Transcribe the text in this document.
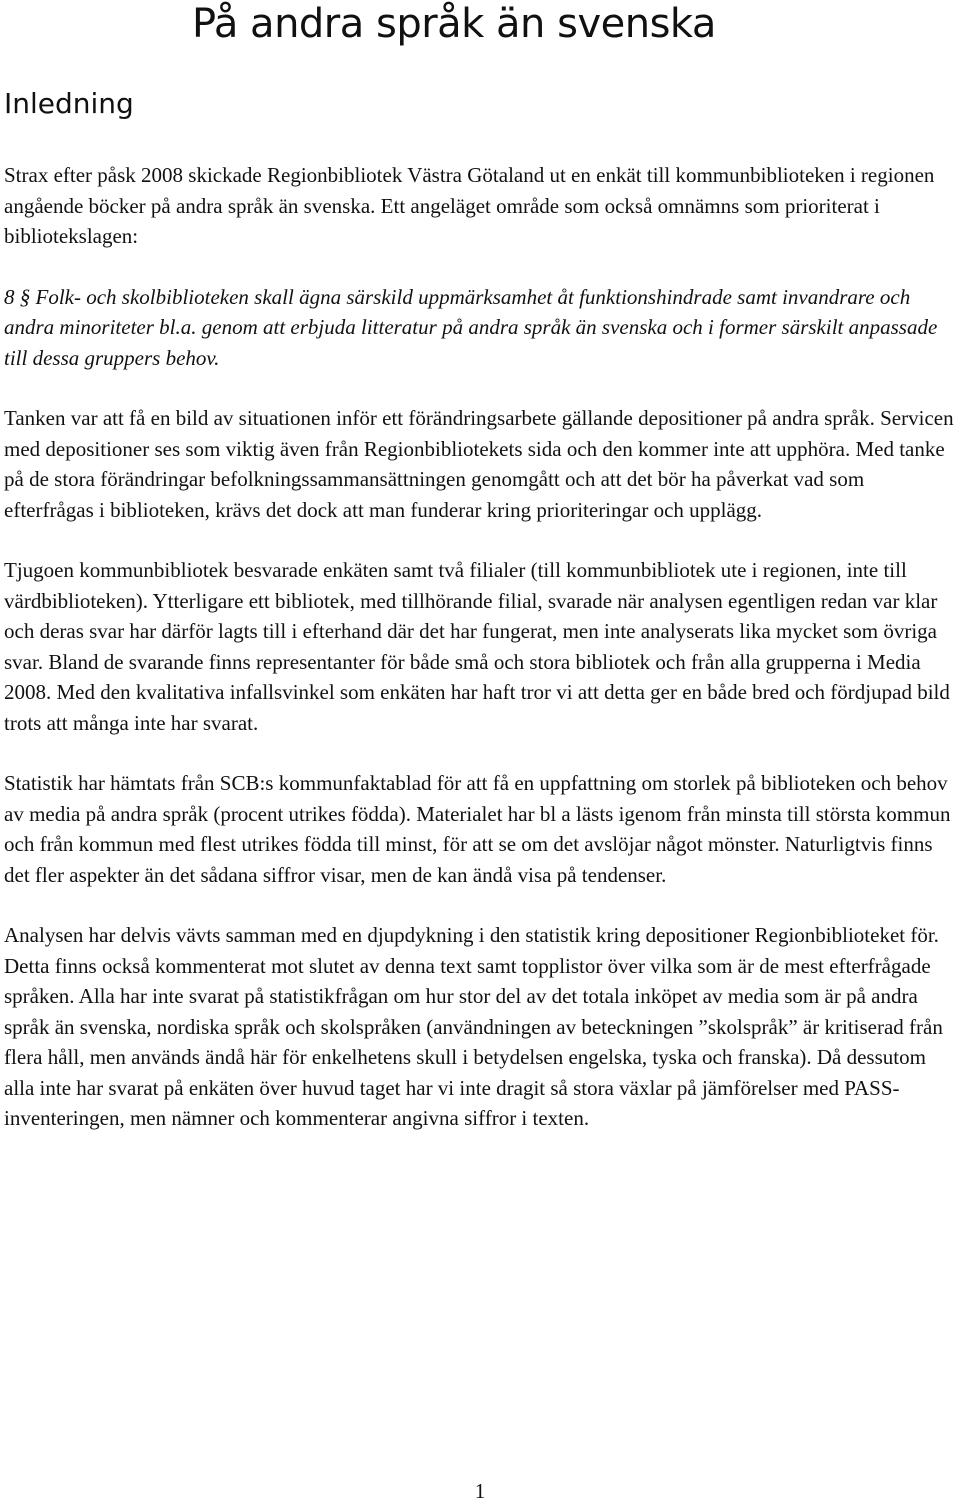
På andra språk än svenska
Inledning

Strax efter påsk 2008 skickade Regionbibliotek Västra Götaland ut en enkät till kommunbiblioteken i regionen angående böcker på andra språk än svenska. Ett angeläget område som också omnämns som prioriterat i bibliotekslagen:

8 § Folk- och skolbiblioteken skall ägna särskild uppmärksamhet åt funktionshindrade samt invandrare och andra minoriteter bl.a. genom att erbjuda litteratur på andra språk än svenska och i former särskilt anpassade till dessa gruppers behov.

Tanken var att få en bild av situationen inför ett förändringsarbete gällande depositioner på andra språk. Servicen med depositioner ses som viktig även från Regionbibliotekets sida och den kommer inte att upphöra. Med tanke på de stora förändringar befolkningssammansättningen genomgått och att det bör ha påverkat vad som efterfrågas i biblioteken, krävs det dock att man funderar kring prioriteringar och upplägg.

Tjugoen kommunbibliotek besvarade enkäten samt två filialer (till kommunbibliotek ute i regionen, inte till värdbiblioteken). Ytterligare ett bibliotek, med tillhörande filial, svarade när analysen egentligen redan var klar och deras svar har därför lagts till i efterhand där det har fungerat, men inte analyserats lika mycket som övriga svar. Bland de svarande finns representanter för både små och stora bibliotek och från alla grupperna i Media 2008. Med den kvalitativa infallsvinkel som enkäten har haft tror vi att detta ger en både bred och fördjupad bild trots att många inte har svarat.

Statistik har hämtats från SCB:s kommunfaktablad för att få en uppfattning om storlek på biblioteken och behov av media på andra språk (procent utrikes födda). Materialet har bl a lästs igenom från minsta till största kommun och från kommun med flest utrikes födda till minst, för att se om det avslöjar något mönster. Naturligtvis finns det fler aspekter än det sådana siffror visar, men de kan ändå visa på tendenser.

Analysen har delvis vävts samman med en djupdykning i den statistik kring depositioner Regionbiblioteket för. Detta finns också kommenterat mot slutet av denna text samt topplistor över vilka som är de mest efterfrågade språken. Alla har inte svarat på statistikfrågan om hur stor del av det totala inköpet av media som är på andra språk än svenska, nordiska språk och skolspråken (användningen av beteckningen ”skolspråk” är kritiserad från flera håll, men används ändå här för enkelhetens skull i betydelsen engelska, tyska och franska). Då dessutom alla inte har svarat på enkäten över huvud taget har vi inte dragit så stora växlar på jämförelser med PASS-inventeringen, men nämner och kommenterar angivna siffror i texten.

1
